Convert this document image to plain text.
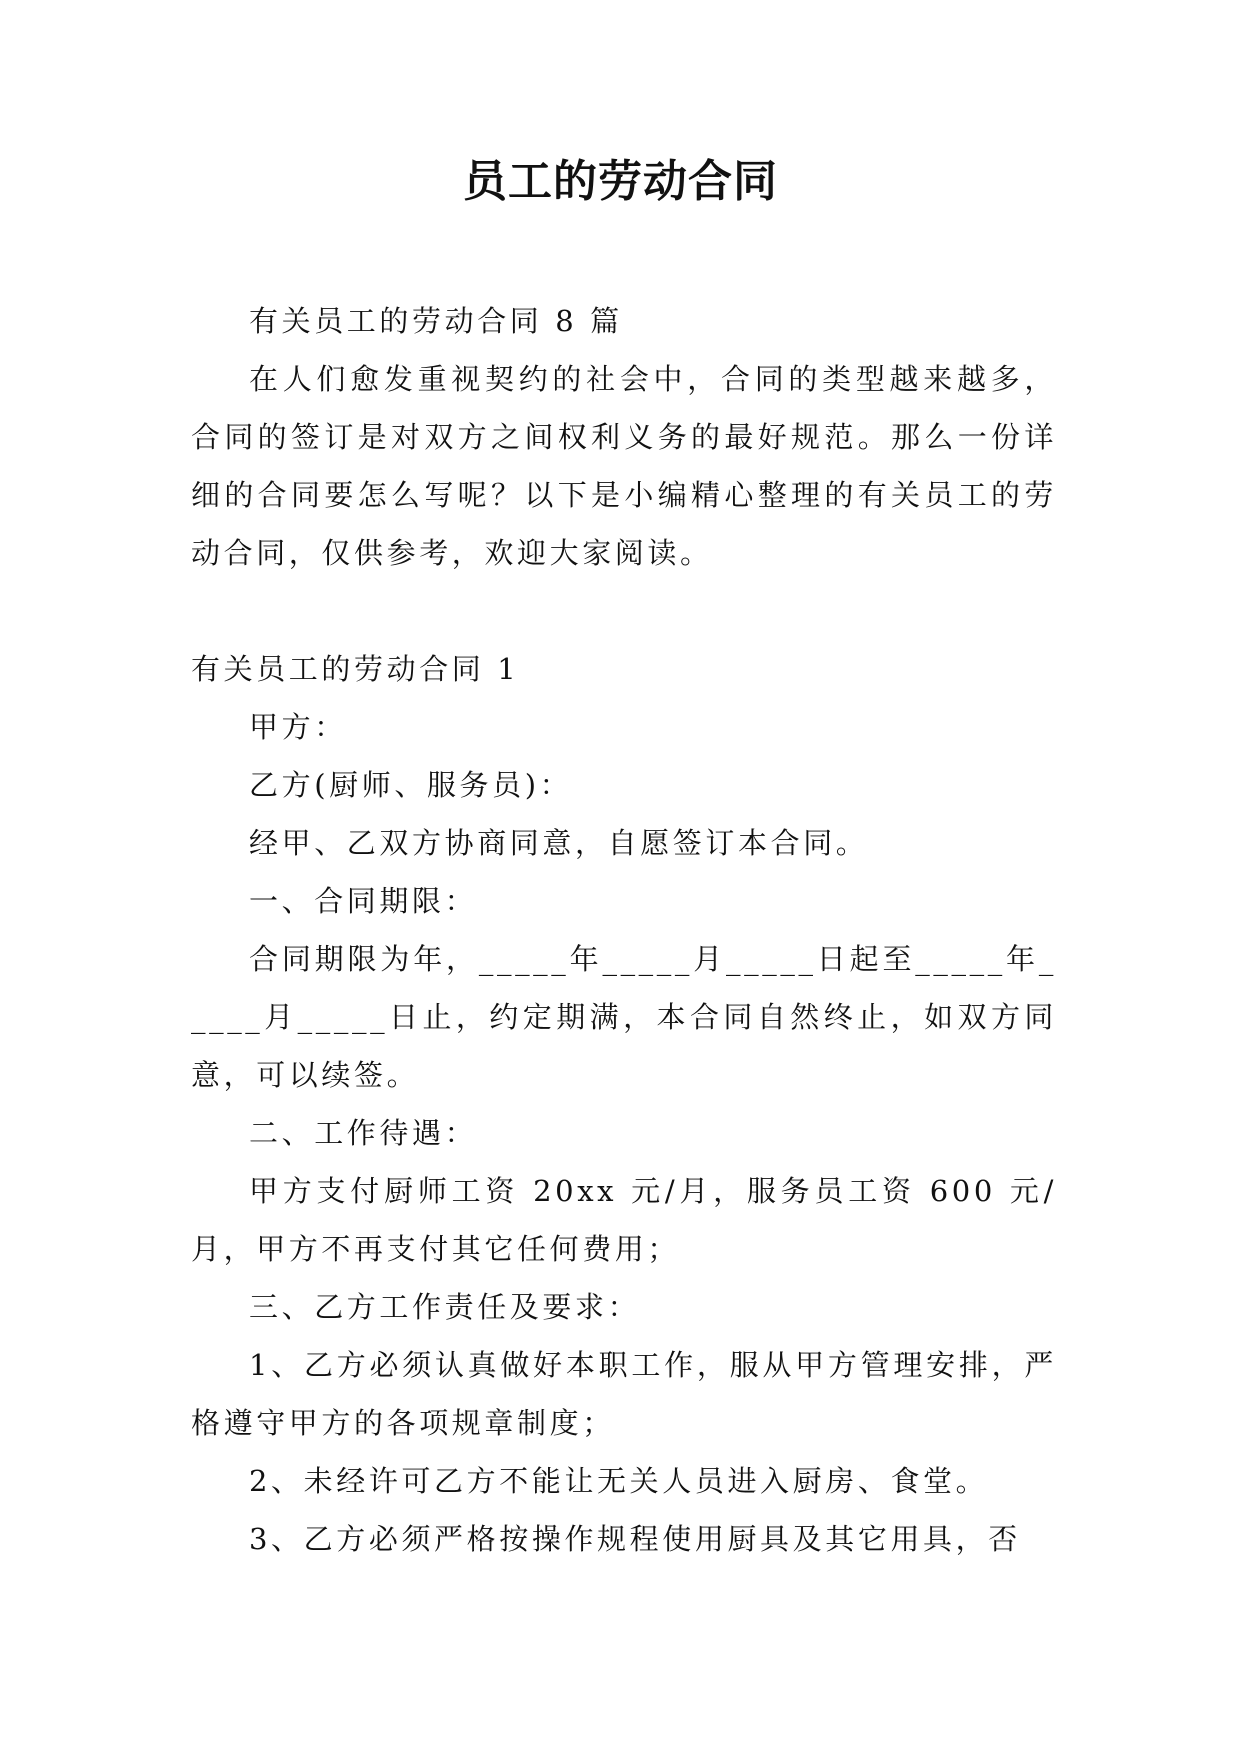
员工的劳动合同

有关员工的劳动合同 8 篇

在人们愈发重视契约的社会中，合同的类型越来越多，合同的签订是对双方之间权利义务的最好规范。那么一份详细的合同要怎么写呢？以下是小编精心整理的有关员工的劳动合同，仅供参考，欢迎大家阅读。

有关员工的劳动合同 1

甲方：

乙方(厨师、服务员)：

经甲、乙双方协商同意，自愿签订本合同。

一、合同期限：

合同期限为年，_____年_____月_____日起至_____年_____月_____日止，约定期满，本合同自然终止，如双方同意，可以续签。

二、工作待遇：

甲方支付厨师工资 20xx 元/月，服务员工资 600 元/月，甲方不再支付其它任何费用；

三、乙方工作责任及要求：

1、乙方必须认真做好本职工作，服从甲方管理安排，严格遵守甲方的各项规章制度；

2、未经许可乙方不能让无关人员进入厨房、食堂。

3、乙方必须严格按操作规程使用厨具及其它用具，否
